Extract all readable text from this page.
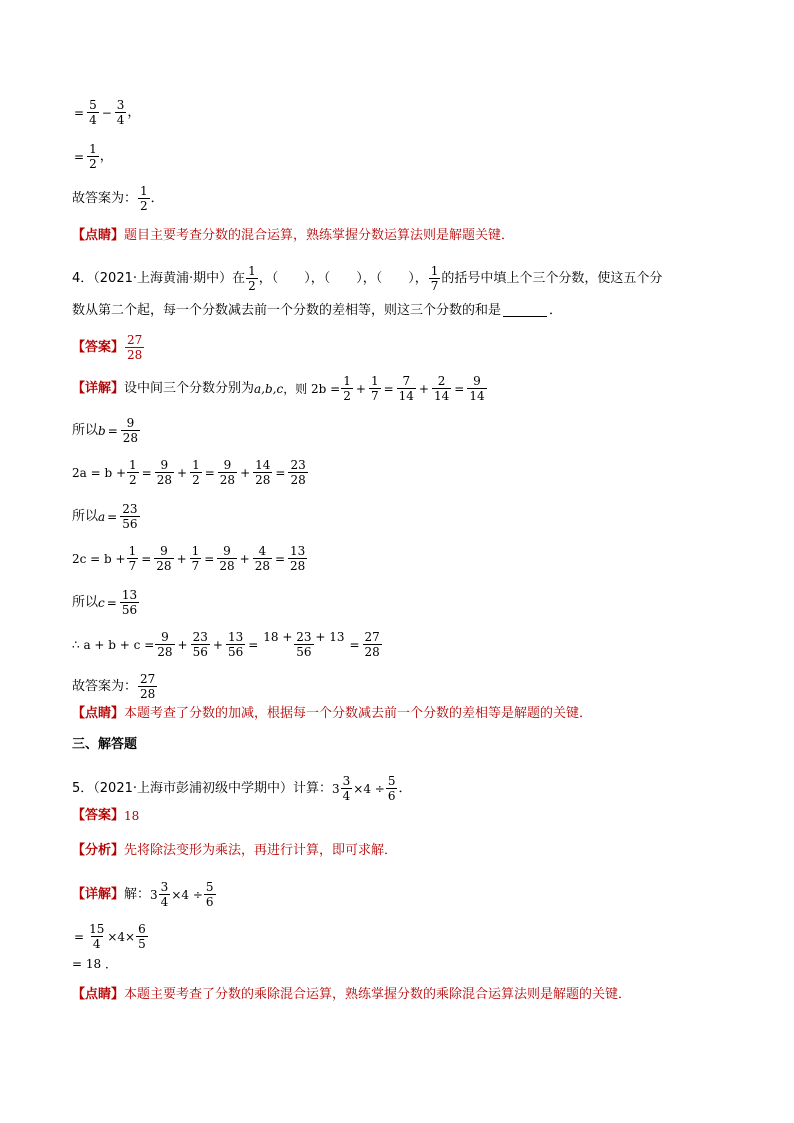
= $\frac{5}{4} - \frac{3}{4}$ ，
= $\frac{1}{2}$ ，
故答案为： $\frac{1}{2}$ ．
【点睛】 题目主要考查分数的混合运算，熟练掌握分数运算法则是解题关键．
4．（2021·上海黄浦·期中）在 $\frac{1}{2}$ ，（　　），（　　），（　　）， $\frac{1}{7}$ 的括号中填上个三个分数，使这五个分
数从第二个起，每一个分数减去前一个分数的差相等，则这三个分数的和是	．
【答案】 $\frac{27}{28}$
【详解】 设中间三个分数分别为 a,b,c ，则 $2b = \frac{1}{2} + \frac{1}{7} = \frac{7}{14} + \frac{2}{14} = \frac{9}{14}$
所以 $b = \frac{9}{28}$
$2a = b + \frac{1}{2} = \frac{9}{28} + \frac{1}{2} = \frac{9}{28} + \frac{14}{28} = \frac{23}{28}$
所以 $a = \frac{23}{56}$
$2c = b + \frac{1}{7} = \frac{9}{28} + \frac{1}{7} = \frac{9}{28} + \frac{4}{28} = \frac{13}{28}$
所以 $c = \frac{13}{56}$
∴ $a + b + c = \frac{9}{28} + \frac{23}{56} + \frac{13}{56} = \frac{18 + 23 + 13}{56} = \frac{27}{28}$
故答案为： $\frac{27}{28}$
【点睛】 本题考查了分数的加减，根据每一个分数减去前一个分数的差相等是解题的关键．
三、解答题
5．（2021·上海市彭浦初级中学期中）计算： $3 \frac{3}{4} \times 4 \div \frac{5}{6}$ ．
【答案】 18
【分析】 先将除法变形为乘法，再进行计算，即可求解．
【详解】 解： $3 \frac{3}{4} \times 4 \div \frac{5}{6}$
= $\frac{15}{4} \times 4\times \frac{6}{5}$
= 18 ．
【点睛】 本题主要考查了分数的乘除混合运算，熟练掌握分数的乘除混合运算法则是解题的关键．
